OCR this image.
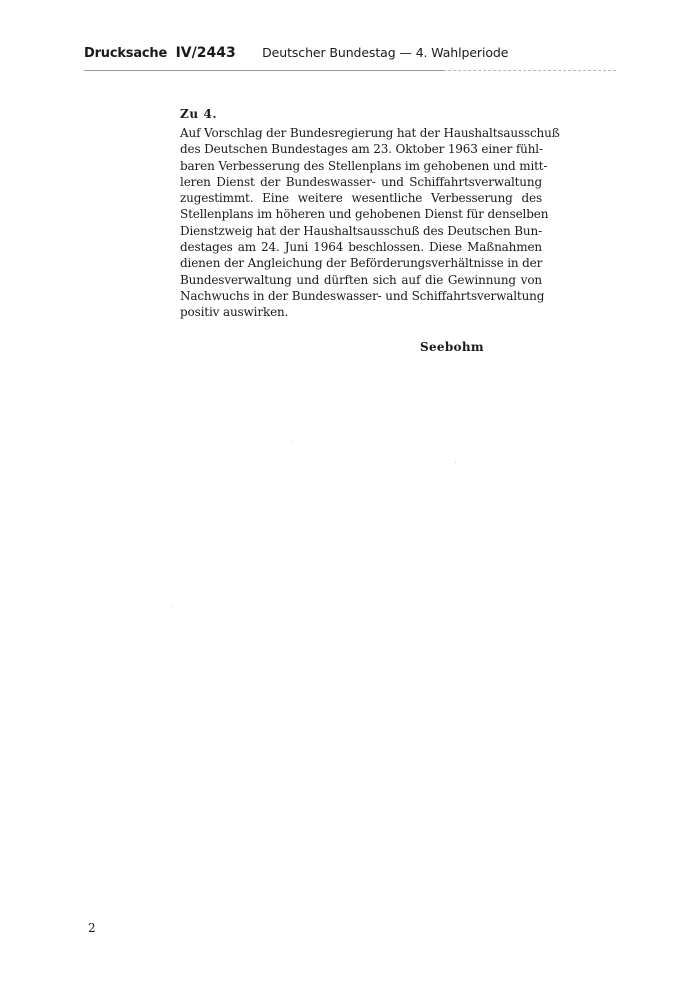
Drucksache IV/2443 Deutscher Bundestag — 4. Wahlperiode
Zu 4.
Auf Vorschlag der Bundesregierung hat der Haushaltsausschuß
des Deutschen Bundestages am 23. Oktober 1963 einer fühl-
baren Verbesserung des Stellenplans im gehobenen und mitt-
leren Dienst der Bundeswasser- und Schiffahrtsverwaltung
zugestimmt. Eine weitere wesentliche Verbesserung des
Stellenplans im höheren und gehobenen Dienst für denselben
Dienstzweig hat der Haushaltsausschuß des Deutschen Bun-
destages am 24. Juni 1964 beschlossen. Diese Maßnahmen
dienen der Angleichung der Beförderungsverhältnisse in der
Bundesverwaltung und dürften sich auf die Gewinnung von
Nachwuchs in der Bundeswasser- und Schiffahrtsverwaltung
positiv auswirken.
Seebohm
2
